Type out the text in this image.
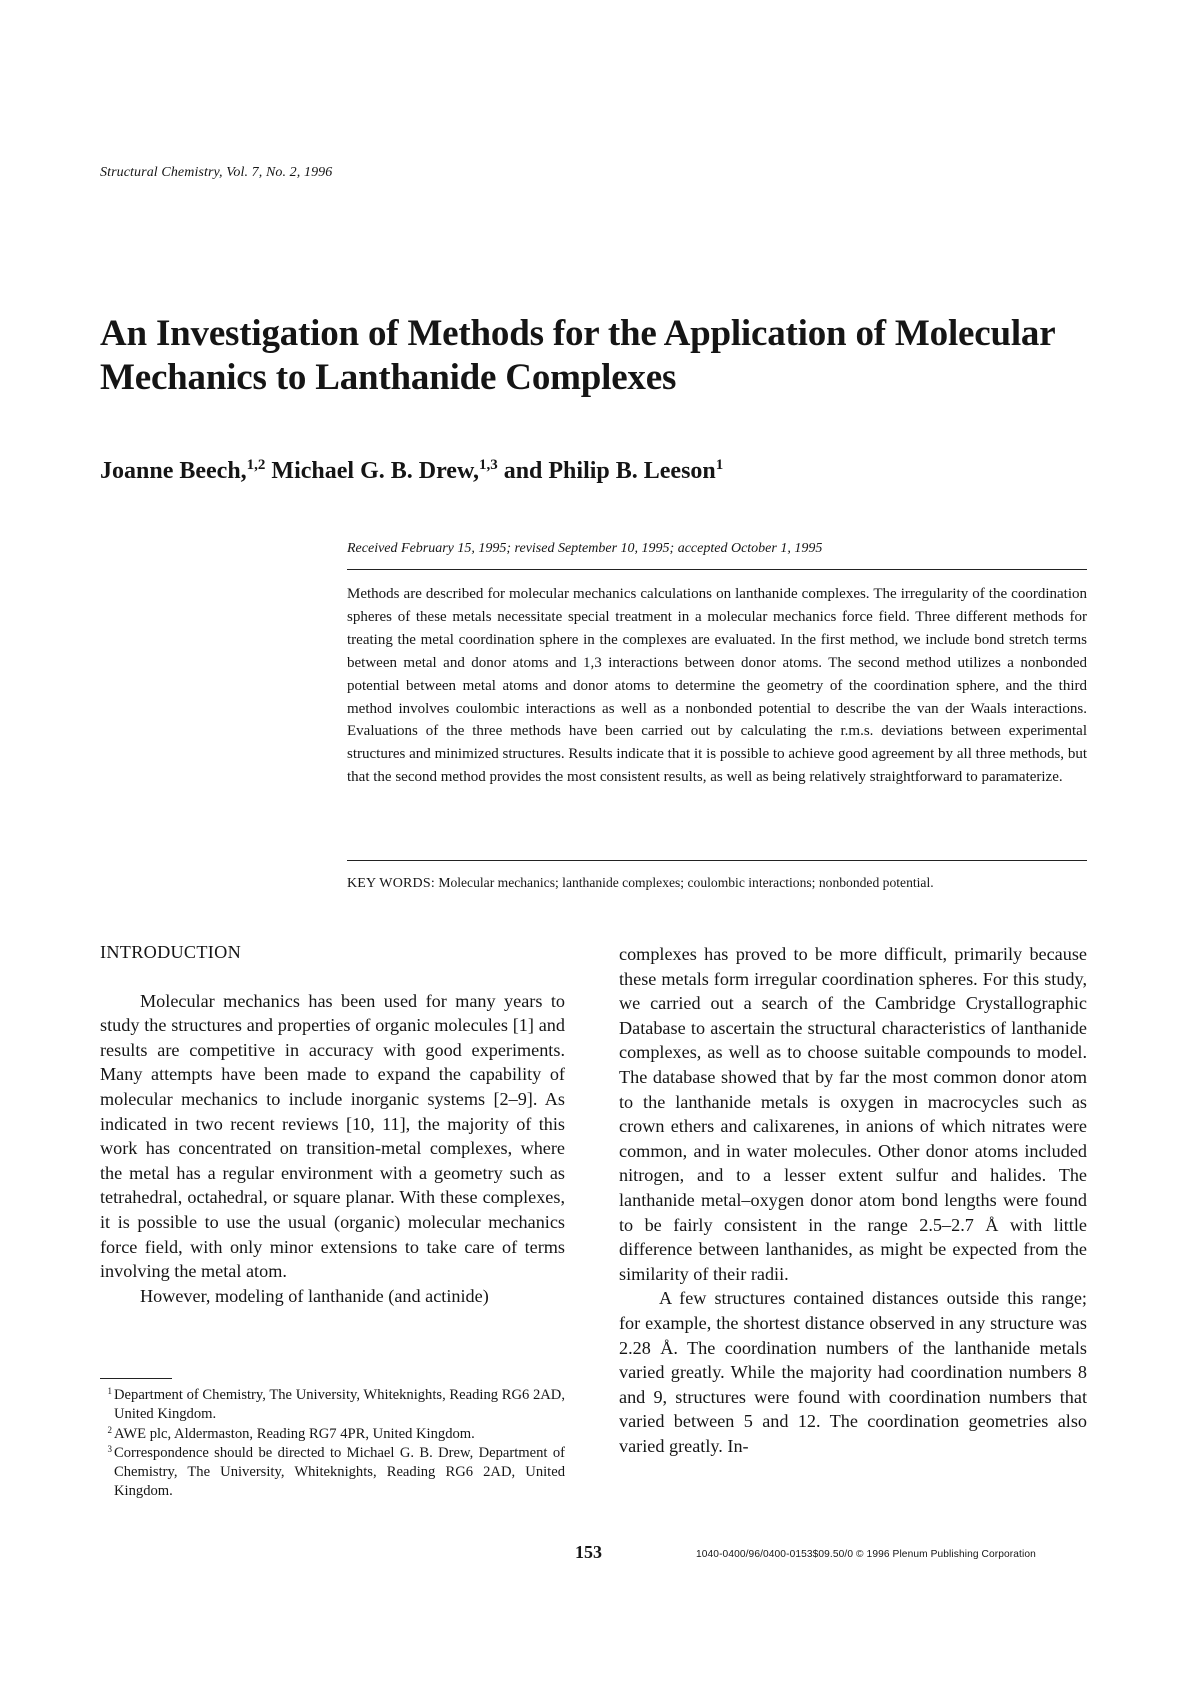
Structural Chemistry, Vol. 7, No. 2, 1996
An Investigation of Methods for the Application of Molecular Mechanics to Lanthanide Complexes
Joanne Beech,$^{1,2}$ Michael G. B. Drew,$^{1,3}$ and Philip B. Leeson$^1$
Received February 15, 1995; revised September 10, 1995; accepted October 1, 1995

Methods are described for molecular mechanics calculations on lanthanide complexes. The irregularity of the coordination spheres of these metals necessitate special treatment in a molecular mechanics force field. Three different methods for treating the metal coordination sphere in the complexes are evaluated. In the first method, we include bond stretch terms between metal and donor atoms and 1,3 interactions between donor atoms. The second method utilizes a nonbonded potential between metal atoms and donor atoms to determine the geometry of the coordination sphere, and the third method involves coulombic interactions as well as a nonbonded potential to describe the van der Waals interactions. Evaluations of the three methods have been carried out by calculating the r.m.s. deviations between experimental structures and minimized structures. Results indicate that it is possible to achieve good agreement by all three methods, but that the second method provides the most consistent results, as well as being relatively straightforward to paramaterize.

KEY WORDS: Molecular mechanics; lanthanide complexes; coulombic interactions; nonbonded potential.
INTRODUCTION

Molecular mechanics has been used for many years to study the structures and properties of organic molecules [1] and results are competitive in accuracy with good experiments. Many attempts have been made to expand the capability of molecular mechanics to include inorganic systems [2–9]. As indicated in two recent reviews [10, 11], the majority of this work has concentrated on transition-metal complexes, where the metal has a regular environment with a geometry such as tetrahedral, octahedral, or square planar. With these complexes, it is possible to use the usual (organic) molecular mechanics force field, with only minor extensions to take care of terms involving the metal atom.

However, modeling of lanthanide (and actinide)

complexes has proved to be more difficult, primarily because these metals form irregular coordination spheres. For this study, we carried out a search of the Cambridge Crystallographic Database to ascertain the structural characteristics of lanthanide complexes, as well as to choose suitable compounds to model. The database showed that by far the most common donor atom to the lanthanide metals is oxygen in macrocycles such as crown ethers and calixarenes, in anions of which nitrates were common, and in water molecules. Other donor atoms included nitrogen, and to a lesser extent sulfur and halides. The lanthanide metal–oxygen donor atom bond lengths were found to be fairly consistent in the range 2.5–2.7 Å with little difference between lanthanides, as might be expected from the similarity of their radii.

A few structures contained distances outside this range; for example, the shortest distance observed in any structure was 2.28 Å. The coordination numbers of the lanthanide metals varied greatly. While the majority had coordination numbers 8 and 9, structures were found with coordination numbers that varied between 5 and 12. The coordination geometries also varied greatly. In-

$^1$ Department of Chemistry, The University, Whiteknights, Reading RG6 2AD, United Kingdom.

$^2$ AWE plc, Aldermaston, Reading RG7 4PR, United Kingdom.

$^3$ Correspondence should be directed to Michael G. B. Drew, Department of Chemistry, The University, Whiteknights, Reading RG6 2AD, United Kingdom.

153	1040-0400/96/0400-0153$09.50/0 © 1996 Plenum Publishing Corporation
